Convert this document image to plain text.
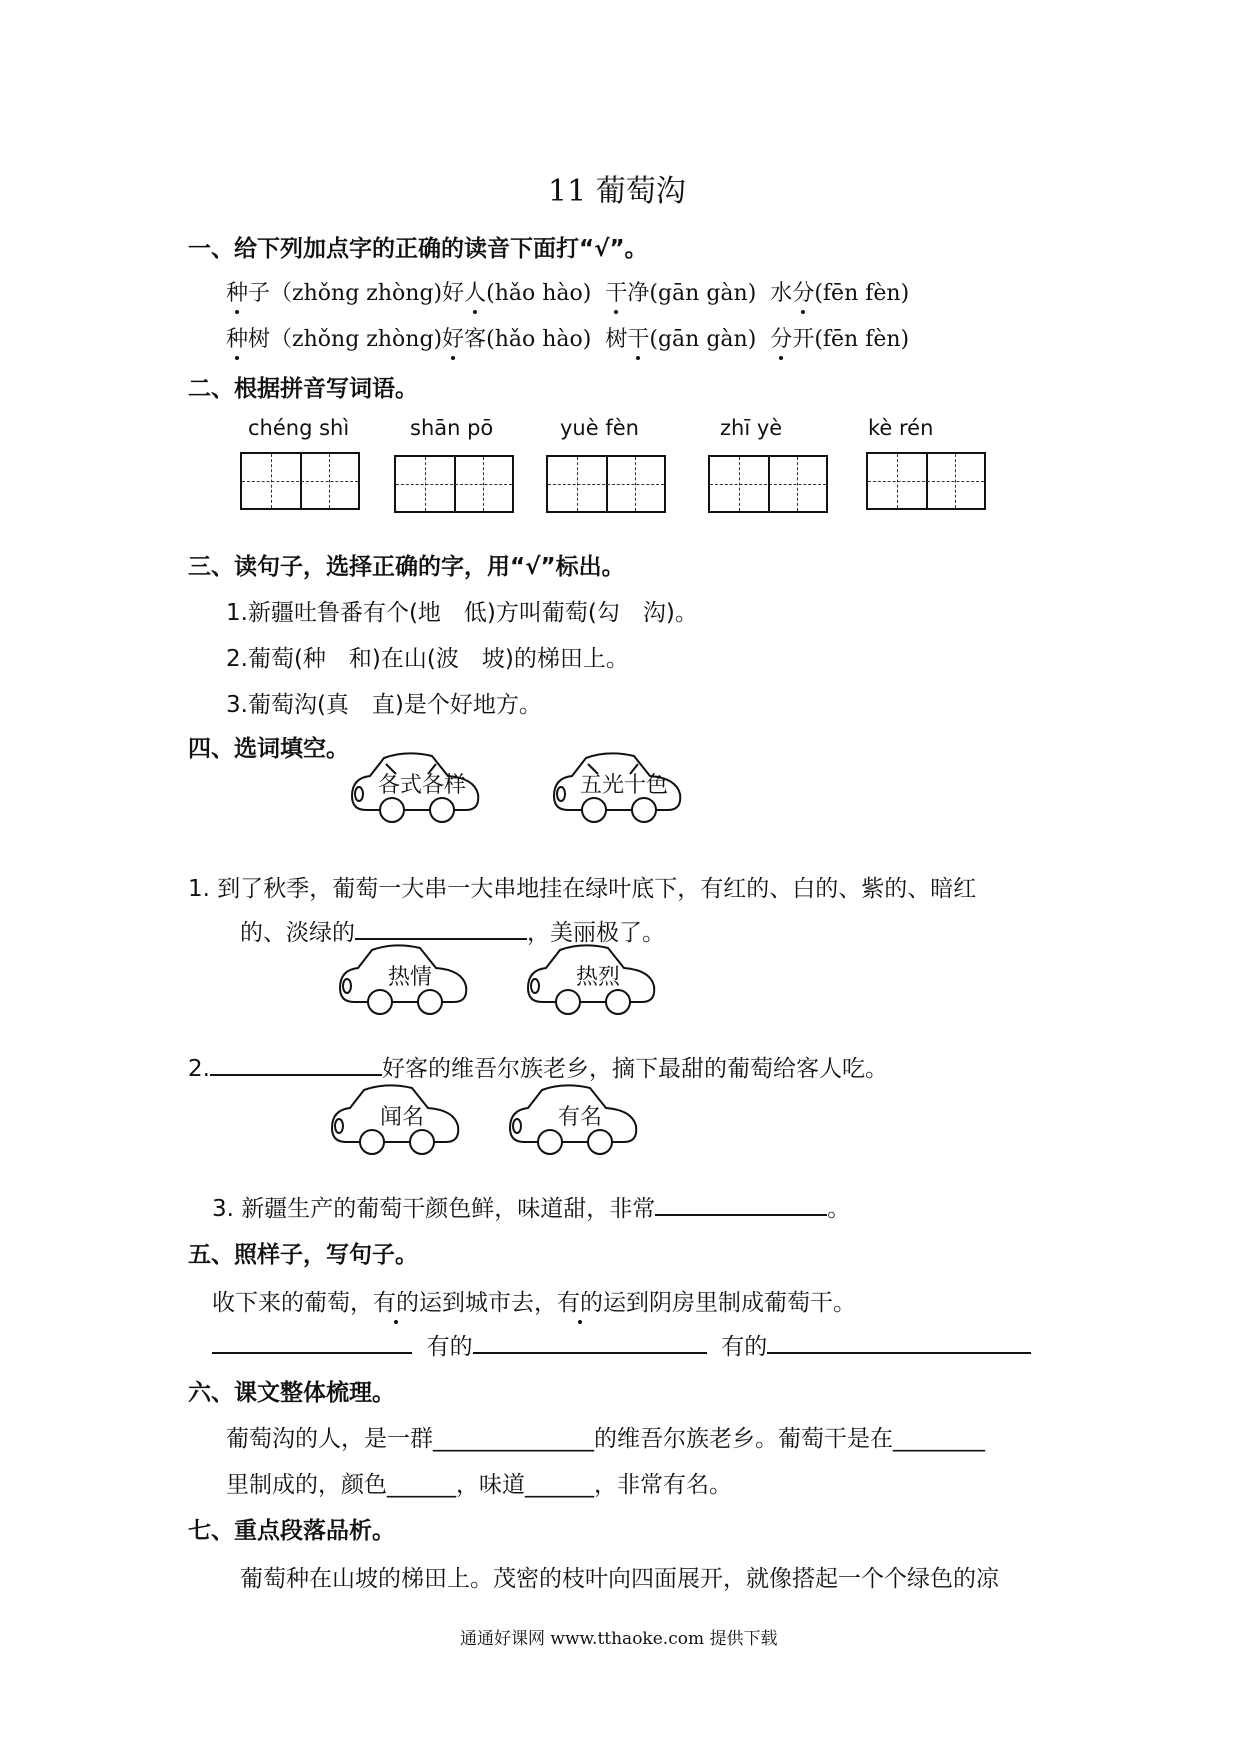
11 葡萄沟
一、给下列加点字的正确的读音下面打“√”。
种子（zhǒng zhòng)好人(hǎo hào) 干净(gān gàn) 水分(fēn fèn)
种树（zhǒng zhòng)好客(hǎo hào) 树干(gān gàn) 分开(fēn fèn)
二、根据拼音写词语。
chéng shì	shān pō	yuè fèn	zhī yè	kè rén
三、读句子，选择正确的字，用“√”标出。
1.新疆吐鲁番有个(地　低)方叫葡萄(勾　沟)。
2.葡萄(种　和)在山(波　坡)的梯田上。
3.葡萄沟(真　直)是个好地方。
四、选词填空。
各式各样	五光十色
1. 到了秋季，葡萄一大串一大串地挂在绿叶底下，有红的、白的、紫的、暗红
的、淡绿的	，美丽极了。
热情	热烈
2.	好客的维吾尔族老乡，摘下最甜的葡萄给客人吃。
闻名	有名
3. 新疆生产的葡萄干颜色鲜，味道甜，非常	。
五、照样子，写句子。
收下来的葡萄，有的运到城市去，有的运到阴房里制成葡萄干。
有的	有的
六、课文整体梳理。
葡萄沟的人，是一群______________的维吾尔族老乡。葡萄干是在________
里制成的，颜色______，味道______，非常有名。
七、重点段落品析。
葡萄种在山坡的梯田上。茂密的枝叶向四面展开，就像搭起一个个绿色的凉
通通好课网 www.tthaoke.com 提供下载
